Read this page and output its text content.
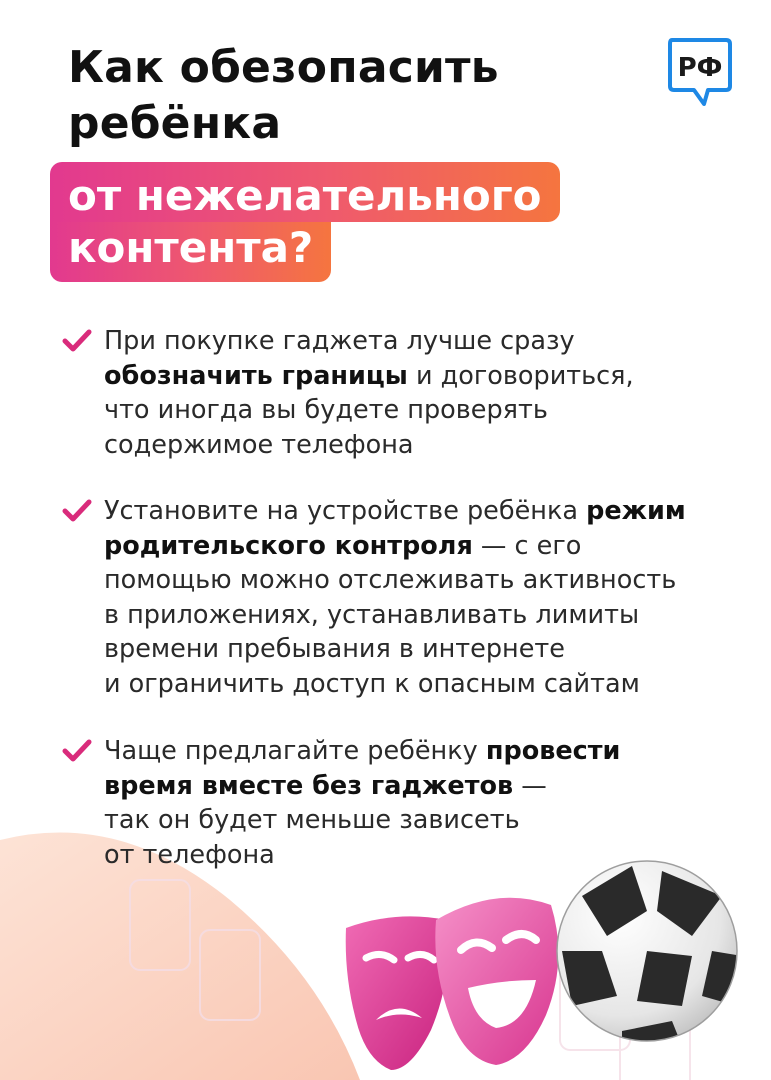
Как обезопасить
ребёнка
от нежелательного
контента?
РФ
При покупке гаджета лучше сразу
обозначить границы и договориться,
что иногда вы будете проверять
содержимое телефона
Установите на устройстве ребёнка режим
родительского контроля — с его
помощью можно отслеживать активность
в приложениях, устанавливать лимиты
времени пребывания в интернете
и ограничить доступ к опасным сайтам
Чаще предлагайте ребёнку провести
время вместе без гаджетов —
так он будет меньше зависеть
от телефона
